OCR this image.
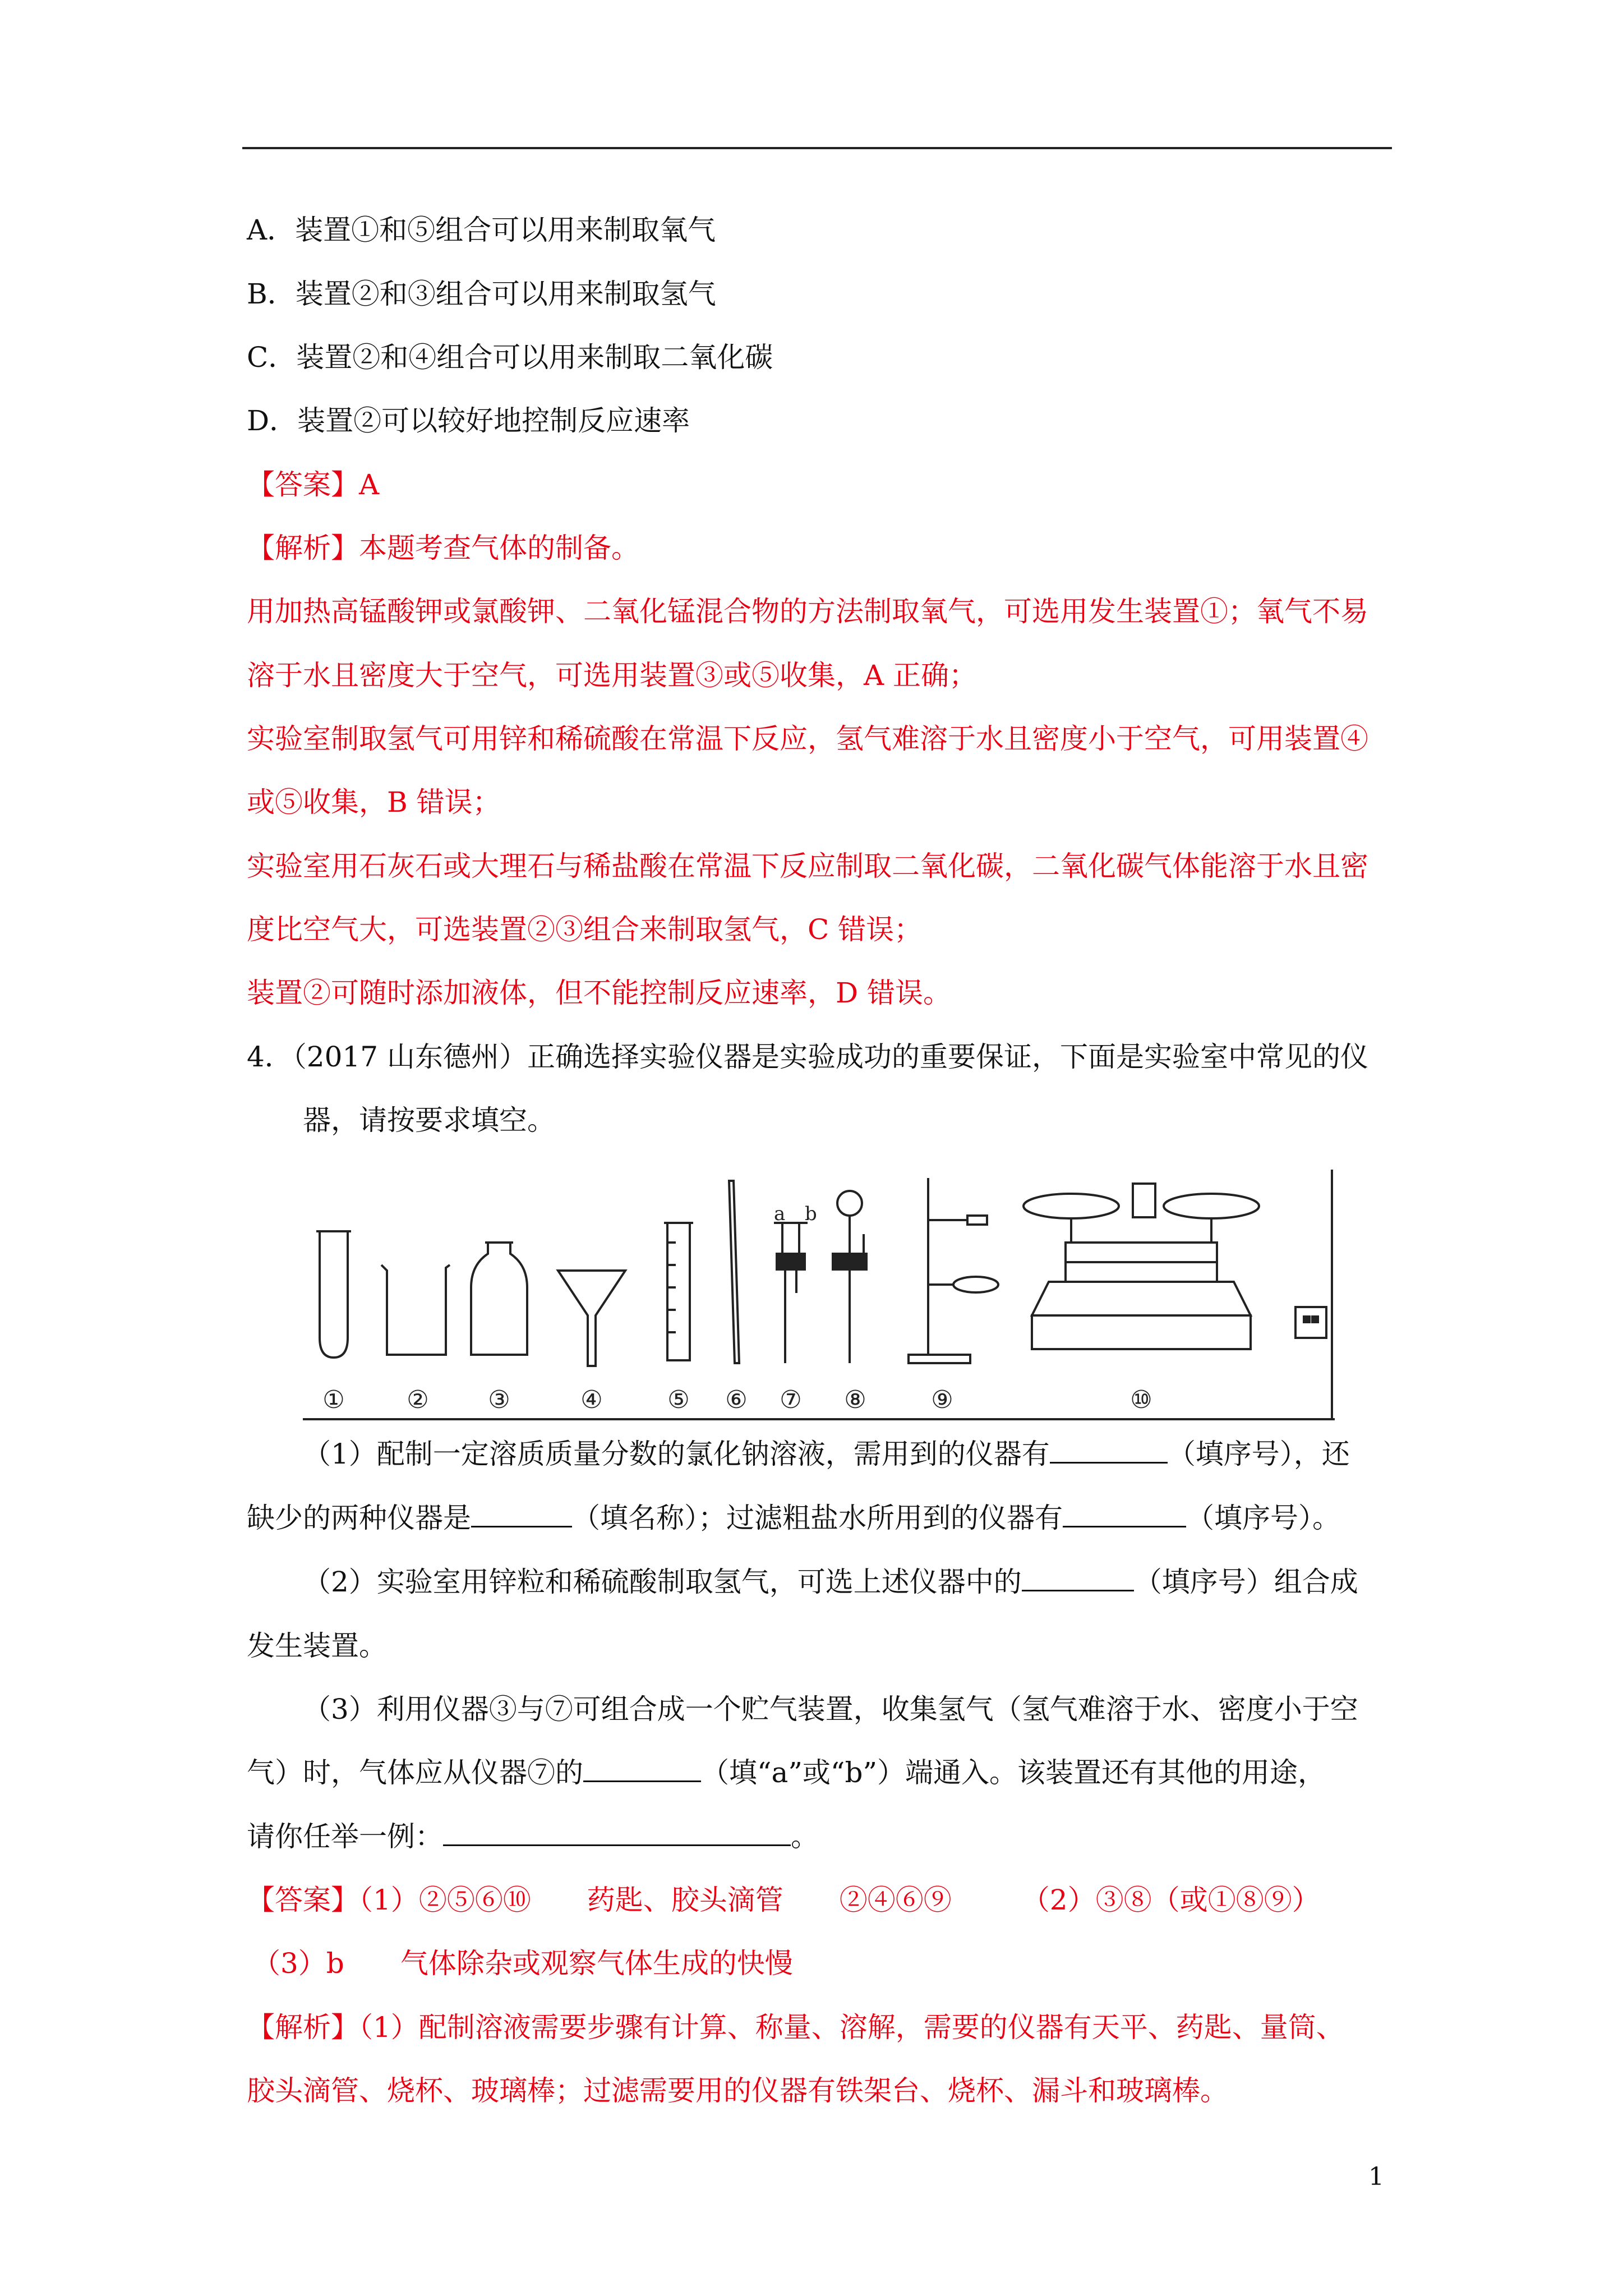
A．装置①和⑤组合可以用来制取氧气
B．装置②和③组合可以用来制取氢气
C．装置②和④组合可以用来制取二氧化碳
D．装置②可以较好地控制反应速率
【答案】A
【解析】本题考查气体的制备。
用加热高锰酸钾或氯酸钾、二氧化锰混合物的方法制取氧气，可选用发生装置①；氧气不易
溶于水且密度大于空气，可选用装置③或⑤收集，A 正确；
实验室制取氢气可用锌和稀硫酸在常温下反应，氢气难溶于水且密度小于空气，可用装置④
或⑤收集，B 错误；
实验室用石灰石或大理石与稀盐酸在常温下反应制取二氧化碳，二氧化碳气体能溶于水且密
度比空气大，可选装置②③组合来制取氢气，C 错误；
装置②可随时添加液体，但不能控制反应速率，D 错误。
4．（2017 山东德州）正确选择实验仪器是实验成功的重要保证，下面是实验室中常见的仪
器，请按要求填空。
a b
①	② ③	④	⑤ ⑥ ⑦ ⑧	⑨	⑩
（1）配制一定溶质质量分数的氯化钠溶液，需用到的仪器有	（填序号），还
缺少的两种仪器是	（填名称）；过滤粗盐水所用到的仪器有	（填序号）。
（2）实验室用锌粒和稀硫酸制取氢气，可选上述仪器中的	（填序号）组合成
发生装置。
（3）利用仪器③与⑦可组合成一个贮气装置，收集氢气（氢气难溶于水、密度小于空
气）时，气体应从仪器⑦的	（填“a”或“b”）端通入。该装置还有其他的用途，
请你任举一例：	。
【答案】（1）②⑤⑥⑩　　药匙、胶头滴管　　②④⑥⑨　　　（2）③⑧（或①⑧⑨）
（3）b　　气体除杂或观察气体生成的快慢
【解析】（1）配制溶液需要步骤有计算、称量、溶解，需要的仪器有天平、药匙、量筒、
胶头滴管、烧杯、玻璃棒；过滤需要用的仪器有铁架台、烧杯、漏斗和玻璃棒。
1
